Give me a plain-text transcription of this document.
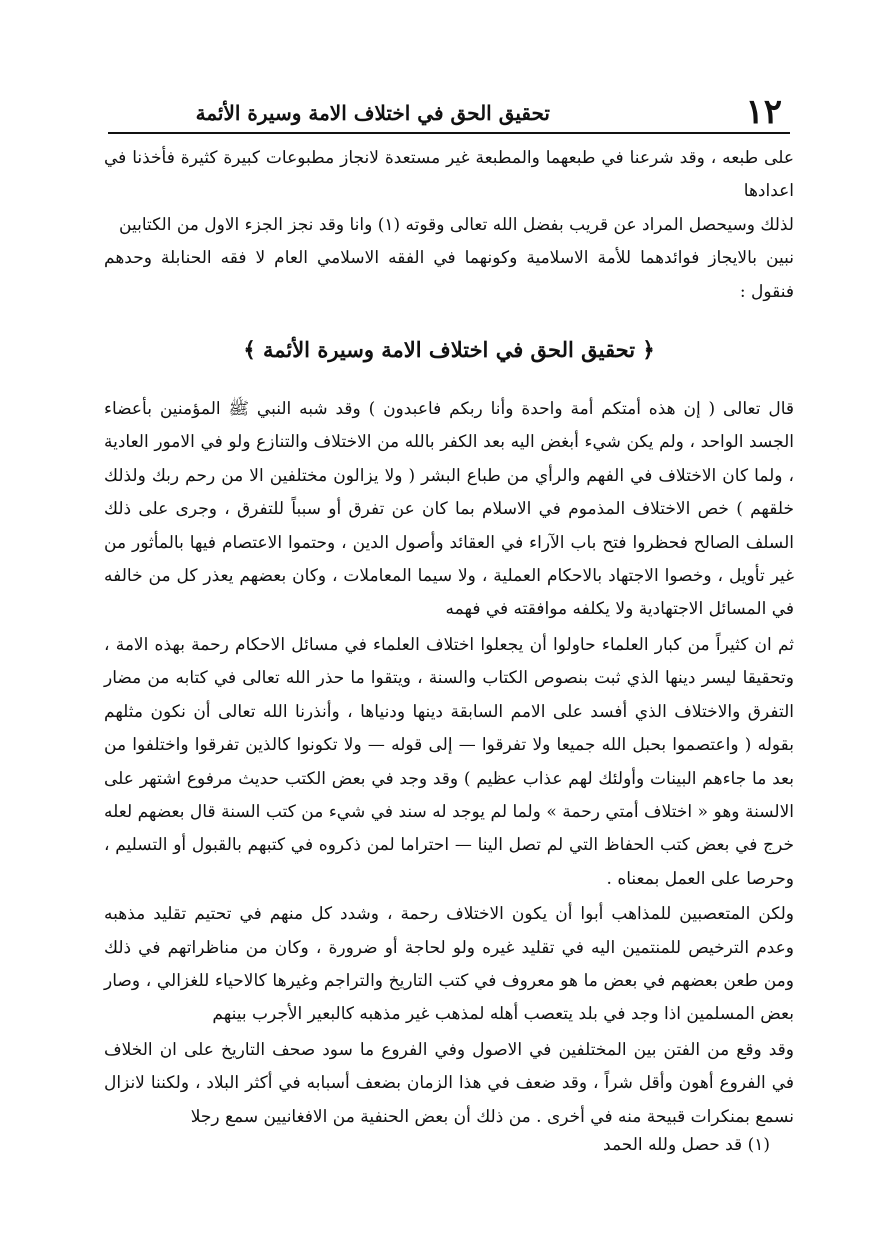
١٢
تحقيق الحق في اختلاف الامة وسيرة الأئمة

على طبعه ، وقد شرعنا في طبعهما والمطبعة غير مستعدة لانجاز مطبوعات كبيرة كثيرة فأخذنا في اعدادها

لذلك وسيحصل المراد عن قريب بفضل الله تعالى وقوته (١) وانا وقد نجز الجزء الاول من الكتابين

نبين بالايجاز فوائدهما للأمة الاسلامية وكونهما في الفقه الاسلامي العام لا فقه الحنابلة وحدهم فنقول :

﴿ تحقيق الحق في اختلاف الامة وسيرة الأئمة ﴾

قال تعالى ( إن هذه أمتكم أمة واحدة وأنا ربكم فاعبدون ) وقد شبه النبي ﷺ المؤمنين بأعضاء الجسد الواحد ، ولم يكن شيء أبغض اليه بعد الكفر بالله من الاختلاف والتنازع ولو في الامور العادية ، ولما كان الاختلاف في الفهم والرأي من طباع البشر ( ولا يزالون مختلفين الا من رحم ربك ولذلك خلقهم ) خص الاختلاف المذموم في الاسلام بما كان عن تفرق أو سبباً للتفرق ، وجرى على ذلك السلف الصالح فحظروا فتح باب الآراء في العقائد وأصول الدين ، وحتموا الاعتصام فيها بالمأثور من غير تأويل ، وخصوا الاجتهاد بالاحكام العملية ، ولا سيما المعاملات ، وكان بعضهم يعذر كل من خالفه في المسائل الاجتهادية ولا يكلفه موافقته في فهمه

ثم ان كثيراً من كبار العلماء حاولوا أن يجعلوا اختلاف العلماء في مسائل الاحكام رحمة بهذه الامة ، وتحقيقا ليسر دينها الذي ثبت بنصوص الكتاب والسنة ، ويتقوا ما حذر الله تعالى في كتابه من مضار التفرق والاختلاف الذي أفسد على الامم السابقة دينها ودنياها ، وأنذرنا الله تعالى أن نكون مثلهم بقوله ( واعتصموا بحبل الله جميعا ولا تفرقوا — إلى قوله — ولا تكونوا كالذين تفرقوا واختلفوا من بعد ما جاءهم البينات وأولئك لهم عذاب عظيم ) وقد وجد في بعض الكتب حديث مرفوع اشتهر على الالسنة وهو « اختلاف أمتي رحمة » ولما لم يوجد له سند في شيء من كتب السنة قال بعضهم لعله خرج في بعض كتب الحفاظ التي لم تصل الينا — احتراما لمن ذكروه في كتبهم بالقبول أو التسليم ، وحرصا على العمل بمعناه .

ولكن المتعصبين للمذاهب أبوا أن يكون الاختلاف رحمة ، وشدد كل منهم في تحتيم تقليد مذهبه وعدم الترخيص للمنتمين اليه في تقليد غيره ولو لحاجة أو ضرورة ، وكان من مناظراتهم في ذلك ومن طعن بعضهم في بعض ما هو معروف في كتب التاريخ والتراجم وغيرها كالاحياء للغزالي ، وصار بعض المسلمين اذا وجد في بلد يتعصب أهله لمذهب غير مذهبه كالبعير الأجرب بينهم

وقد وقع من الفتن بين المختلفين في الاصول وفي الفروع ما سود صحف التاريخ على ان الخلاف في الفروع أهون وأقل شراً ، وقد ضعف في هذا الزمان بضعف أسبابه في أكثر البلاد ، ولكننا لانزال نسمع بمنكرات قبيحة منه في أخرى . من ذلك أن بعض الحنفية من الافغانيين سمع رجلا

(١) قد حصل ولله الحمد
